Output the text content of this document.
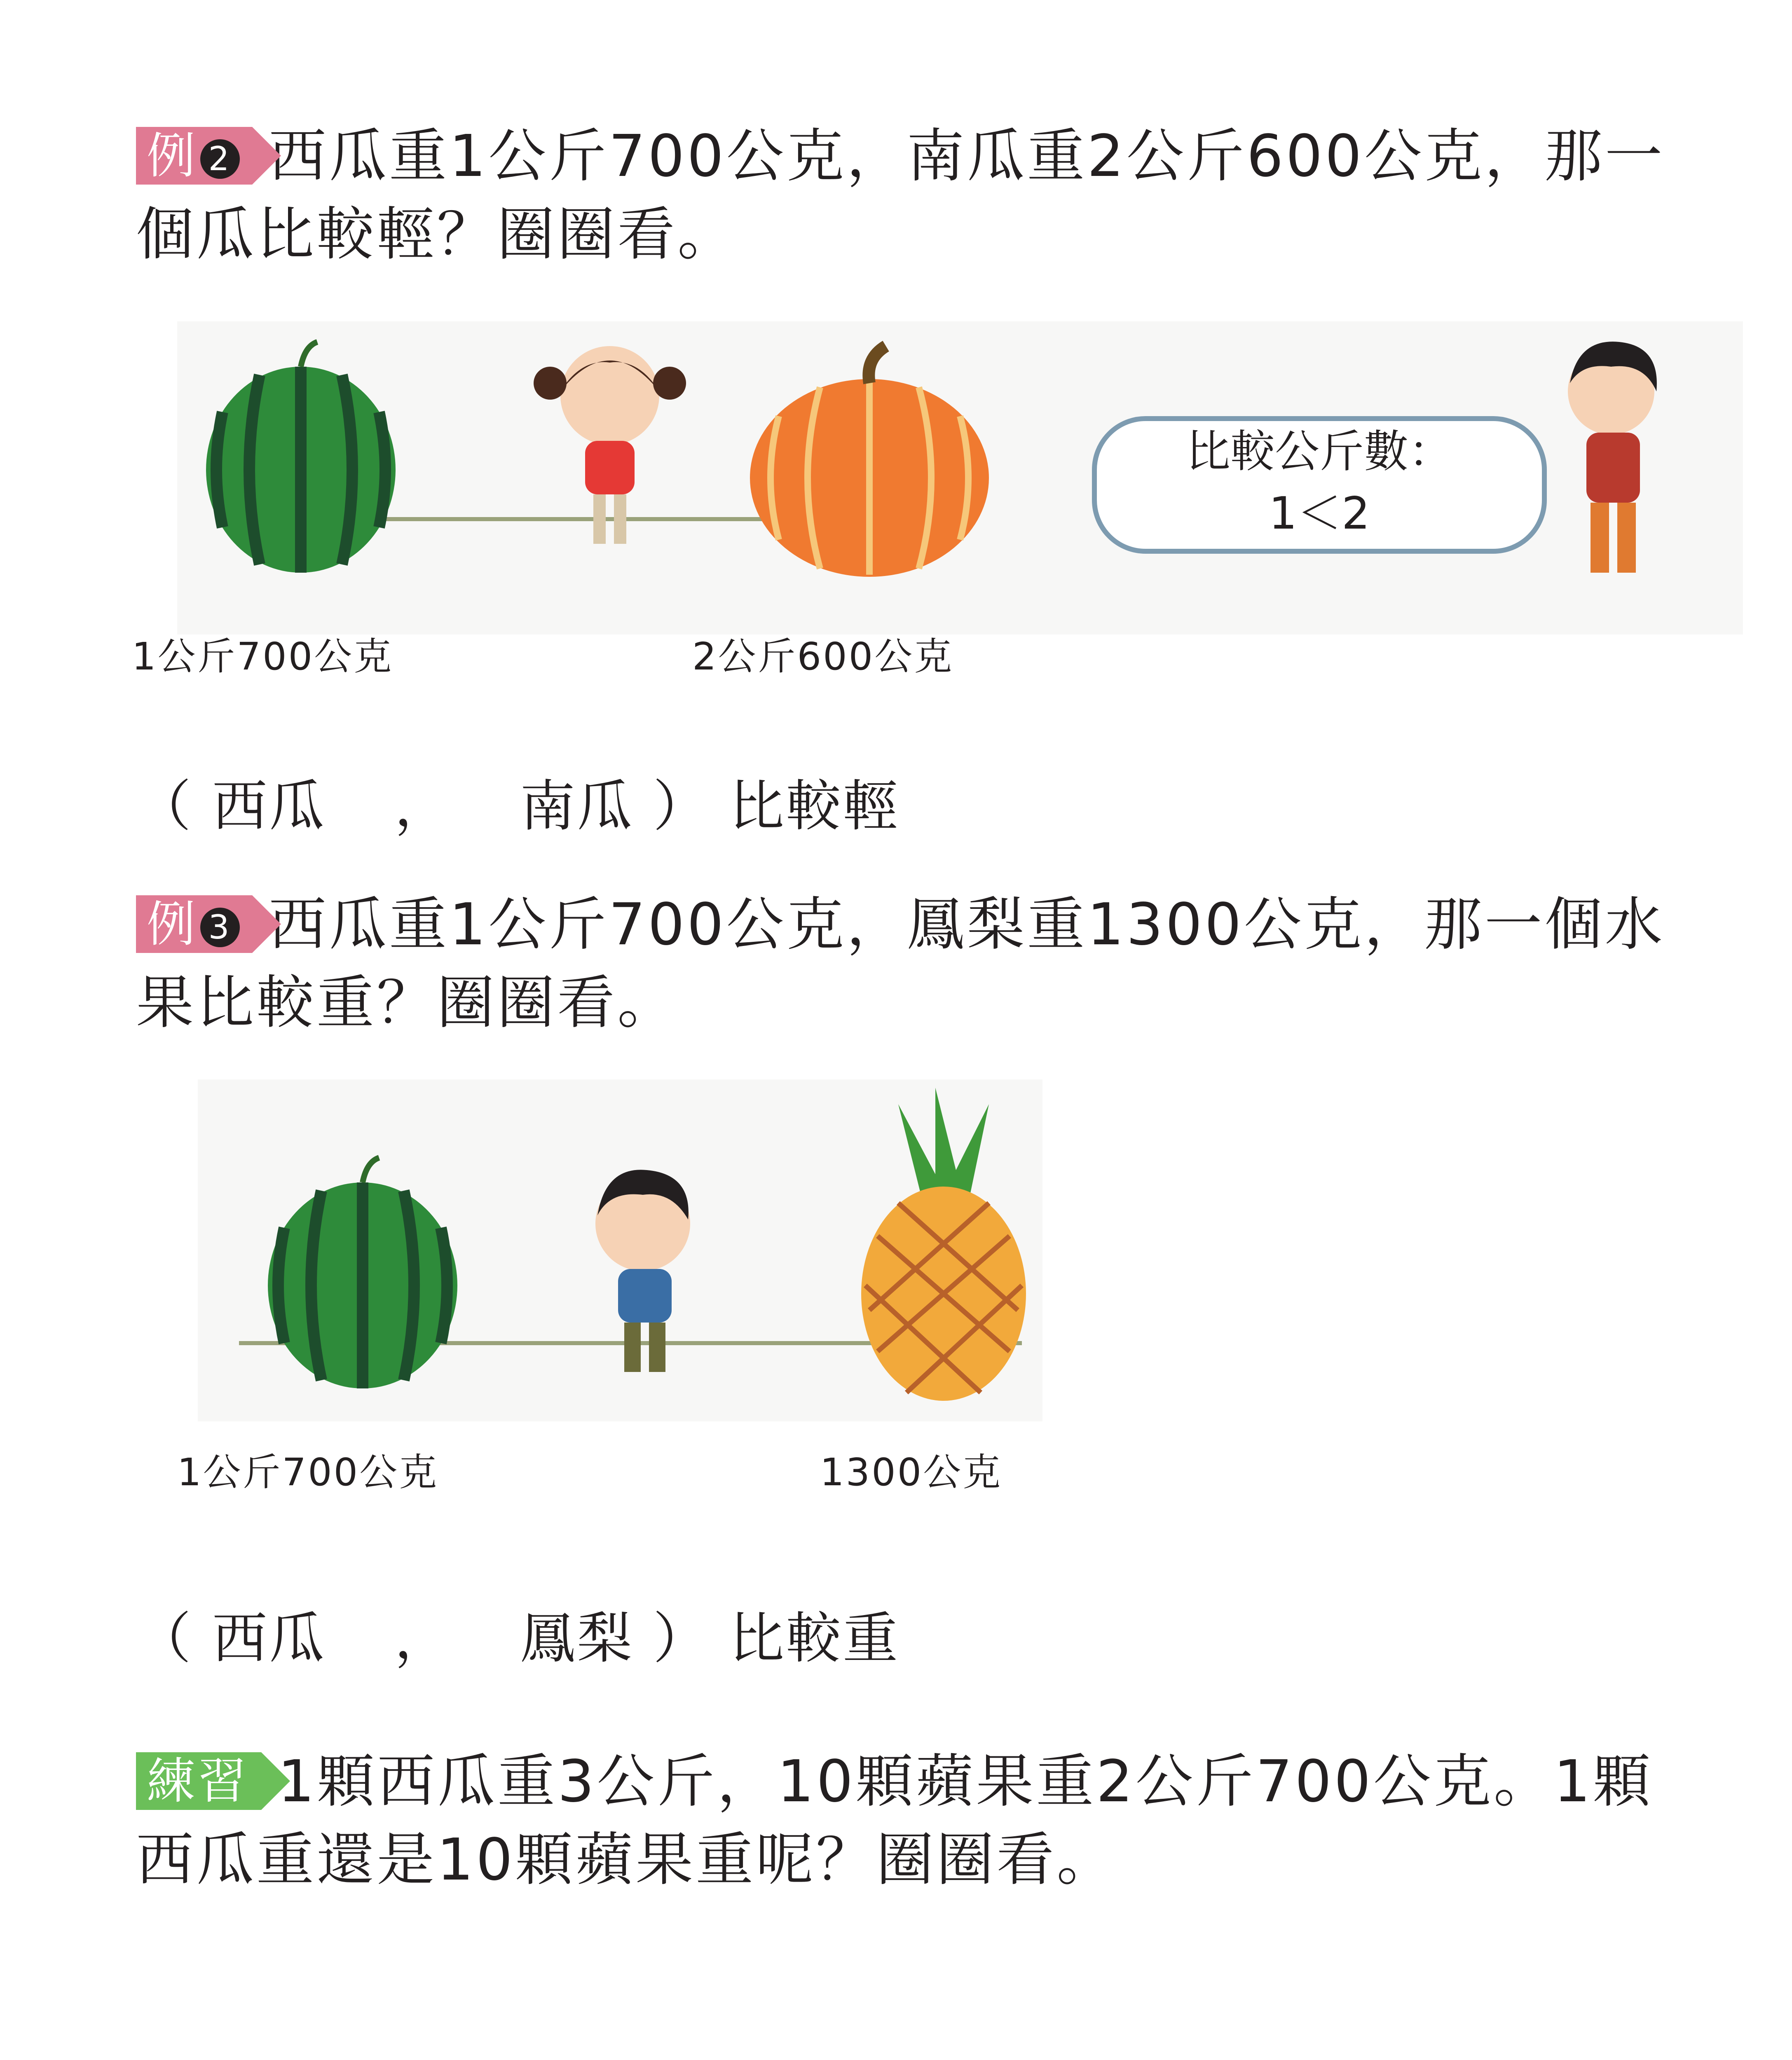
例 2 西瓜重1公斤700公克，南瓜重2公斤600公克，那一個瓜比較輕？圈圈看。
比較公斤數：
1＜2
1公斤700公克	2公斤600公克
（ 西瓜 ， 南瓜 ） 比較輕
例 3 西瓜重1公斤700公克，鳳梨重1300公克，那一個水果比較重？圈圈看。
1公斤700公克	1300公克
（ 西瓜 ， 鳳梨 ） 比較重
練習 1顆西瓜重3公斤，10顆蘋果重2公斤700公克。1顆西瓜重還是10顆蘋果重呢？圈圈看。
